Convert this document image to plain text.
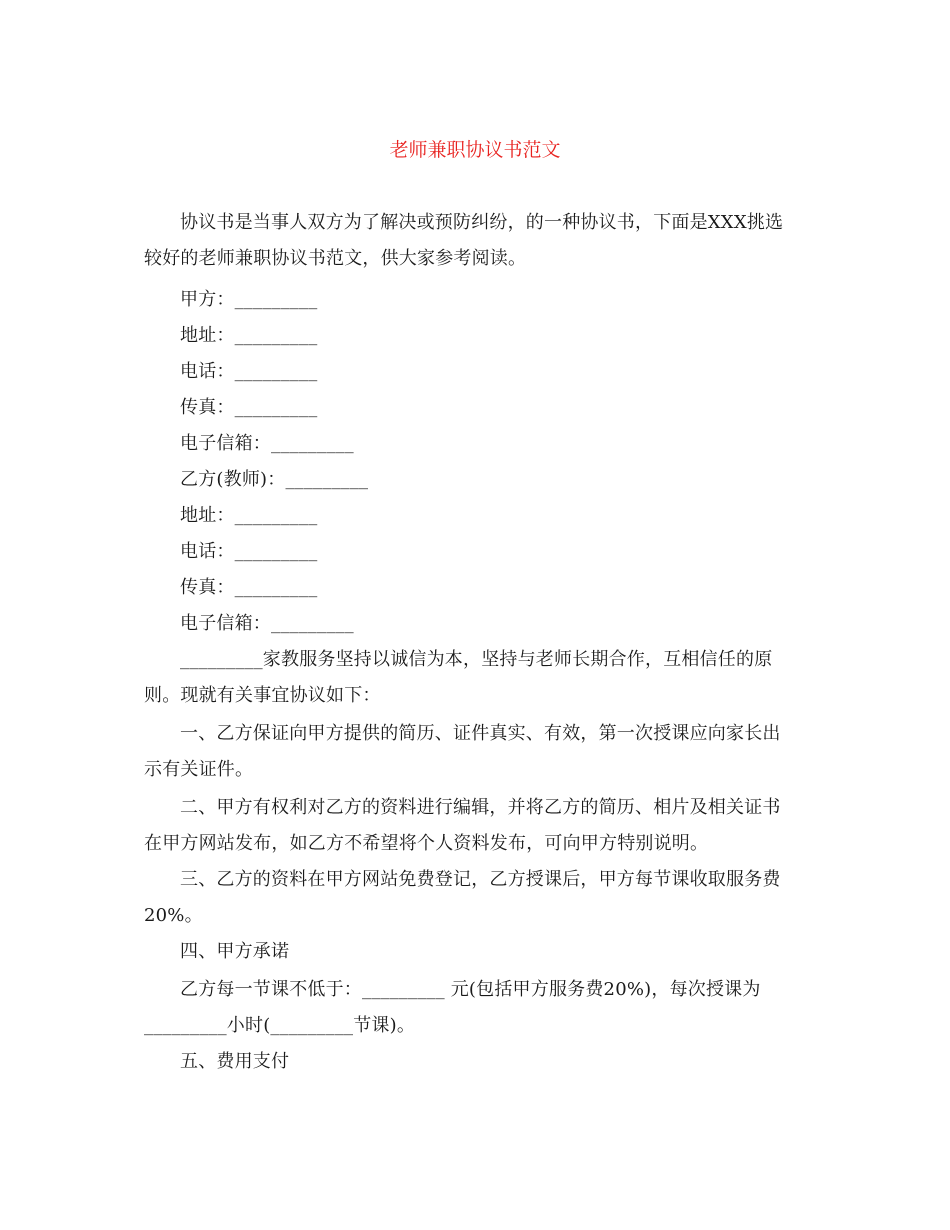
老师兼职协议书范文
协议书是当事人双方为了解决或预防纠纷，的一种协议书，下面是XXX挑选
较好的老师兼职协议书范文，供大家参考阅读。
甲方：_________
地址：_________
电话：_________
传真：_________
电子信箱：_________
乙方(教师)：_________
地址：_________
电话：_________
传真：_________
电子信箱：_________
_________家教服务坚持以诚信为本，坚持与老师长期合作，互相信任的原
则。现就有关事宜协议如下：
一、乙方保证向甲方提供的简历、证件真实、有效，第一次授课应向家长出
示有关证件。
二、甲方有权利对乙方的资料进行编辑，并将乙方的简历、相片及相关证书
在甲方网站发布，如乙方不希望将个人资料发布，可向甲方特别说明。
三、乙方的资料在甲方网站免费登记，乙方授课后，甲方每节课收取服务费
20%。
四、甲方承诺
乙方每一节课不低于：_________ 元(包括甲方服务费20%)，每次授课为
_________小时(_________节课)。
五、费用支付
